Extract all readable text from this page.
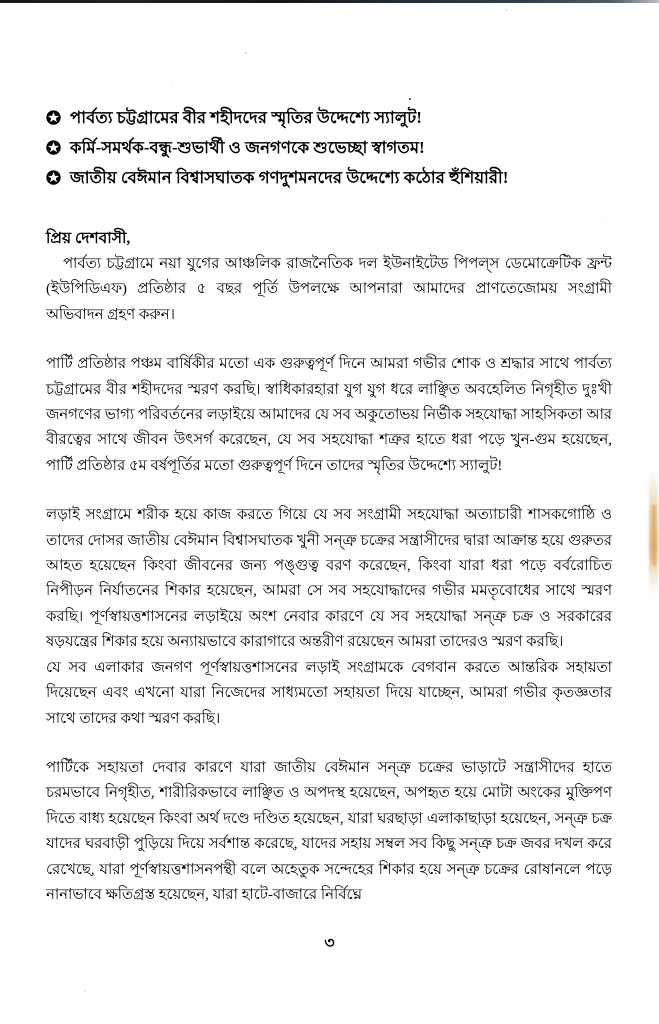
পার্বত্য চট্টগ্রামের বীর শহীদদের স্মৃতির উদ্দেশ্যে স্যালুট!
কর্মি-সমর্থক-বন্ধু-শুভার্থী ও জনগণকে শুভেচ্ছা স্বাগতম!
জাতীয় বেঈমান বিশ্বাসঘাতক গণদুশমনদের উদ্দেশ্যে কঠোর হুঁশিয়ারী!
প্রিয় দেশবাসী,

পার্বত্য চট্টগ্রামে নয়া যুগের আঞ্চলিক রাজনৈতিক দল ইউনাইটেড পিপল্স ডেমোক্রেটিক ফ্রন্ট (ইউপিডিএফ) প্রতিষ্ঠার ৫ বছর পূর্তি উপলক্ষে আপনারা আমাদের প্রাণতেজোময় সংগ্রামী অভিবাদন গ্রহণ করুন।

পার্টি প্রতিষ্ঠার পঞ্চম বার্ষিকীর মতো এক গুরুত্বপূর্ণ দিনে আমরা গভীর শোক ও শ্রদ্ধার সাথে পার্বত্য চট্টগ্রামের বীর শহীদদের স্মরণ করছি। স্বাধিকারহারা যুগ যুগ ধরে লাঞ্ছিত অবহেলিত নিগৃহীত দুঃখী জনগণের ভাগ্য পরিবর্তনের লড়াইয়ে আমাদের যে সব অকুতোভয় নির্ভীক সহযোদ্ধা সাহসিকতা আর বীরত্বের সাথে জীবন উৎসর্গ করেছেন, যে সব সহযোদ্ধা শত্রুর হাতে ধরা পড়ে খুন-গুম হয়েছেন, পার্টি প্রতিষ্ঠার ৫ম বর্ষপূর্তির মতো গুরুত্বপূর্ণ দিনে তাদের স্মৃতির উদ্দেশ্যে স্যালুট!

লড়াই সংগ্রামে শরীক হয়ে কাজ করতে গিয়ে যে সব সংগ্রামী সহযোদ্ধা অত্যাচারী শাসকগোষ্ঠি ও তাদের দোসর জাতীয় বেঈমান বিশ্বাসঘাতক খুনী সন্ত্রু চক্রের সন্ত্রাসীদের দ্বারা আক্রান্ত হয়ে গুরুতর আহত হয়েছেন কিংবা জীবনের জন্য পঙ্গুত্ব বরণ করেছেন, কিংবা যারা ধরা পড়ে বর্বরোচিত নিপীড়ন নির্যাতনের শিকার হয়েছেন, আমরা সে সব সহযোদ্ধাদের গভীর মমতৃবোধের সাথে স্মরণ করছি। পূর্ণস্বায়ত্তশাসনের লড়াইয়ে অংশ নেবার কারণে যে সব সহযোদ্ধা সন্ত্রু চক্র ও সরকারের ষড়যন্ত্রের শিকার হয়ে অন্যায়ভাবে কারাগারে অন্তরীণ রয়েছেন আমরা তাদেরও স্মরণ করছি।

যে সব এলাকার জনগণ পূর্ণস্বায়ত্তশাসনের লড়াই সংগ্রামকে বেগবান করতে আন্তরিক সহায়তা দিয়েছেন এবং এখনো যারা নিজেদের সাধ্যমতো সহায়তা দিয়ে যাচ্ছেন, আমরা গভীর কৃতজ্ঞতার সাথে তাদের কথা স্মরণ করছি।

পার্টিকে সহায়তা দেবার কারণে যারা জাতীয় বেঈমান সন্ত্রু চক্রের ভাড়াটে সন্ত্রাসীদের হাতে চরমভাবে নিগৃহীত, শারীরিকভাবে লাঞ্ছিত ও অপদস্থ হয়েছেন, অপহৃত হয়ে মোটা অংকের মুক্তিপণ দিতে বাধ্য হয়েছেন কিংবা অর্থ দণ্ডে দণ্ডিত হয়েছেন, যারা ঘরছাড়া এলাকাছাড়া হয়েছেন, সন্ত্রু চক্র যাদের ঘরবাড়ী পুড়িয়ে দিয়ে সর্বশান্ত করেছে, যাদের সহায় সম্বল সব কিছু সন্ত্রু চক্র জবর দখল করে রেখেছে, যারা পূর্ণস্বায়ত্তশাসনপন্থী বলে অহেতুক সন্দেহের শিকার হয়ে সন্ত্রু চক্রের রোষানলে পড়ে নানাভাবে ক্ষতিগ্রস্ত হয়েছেন, যারা হাটে-বাজারে নির্বিঘ্নে

৩
